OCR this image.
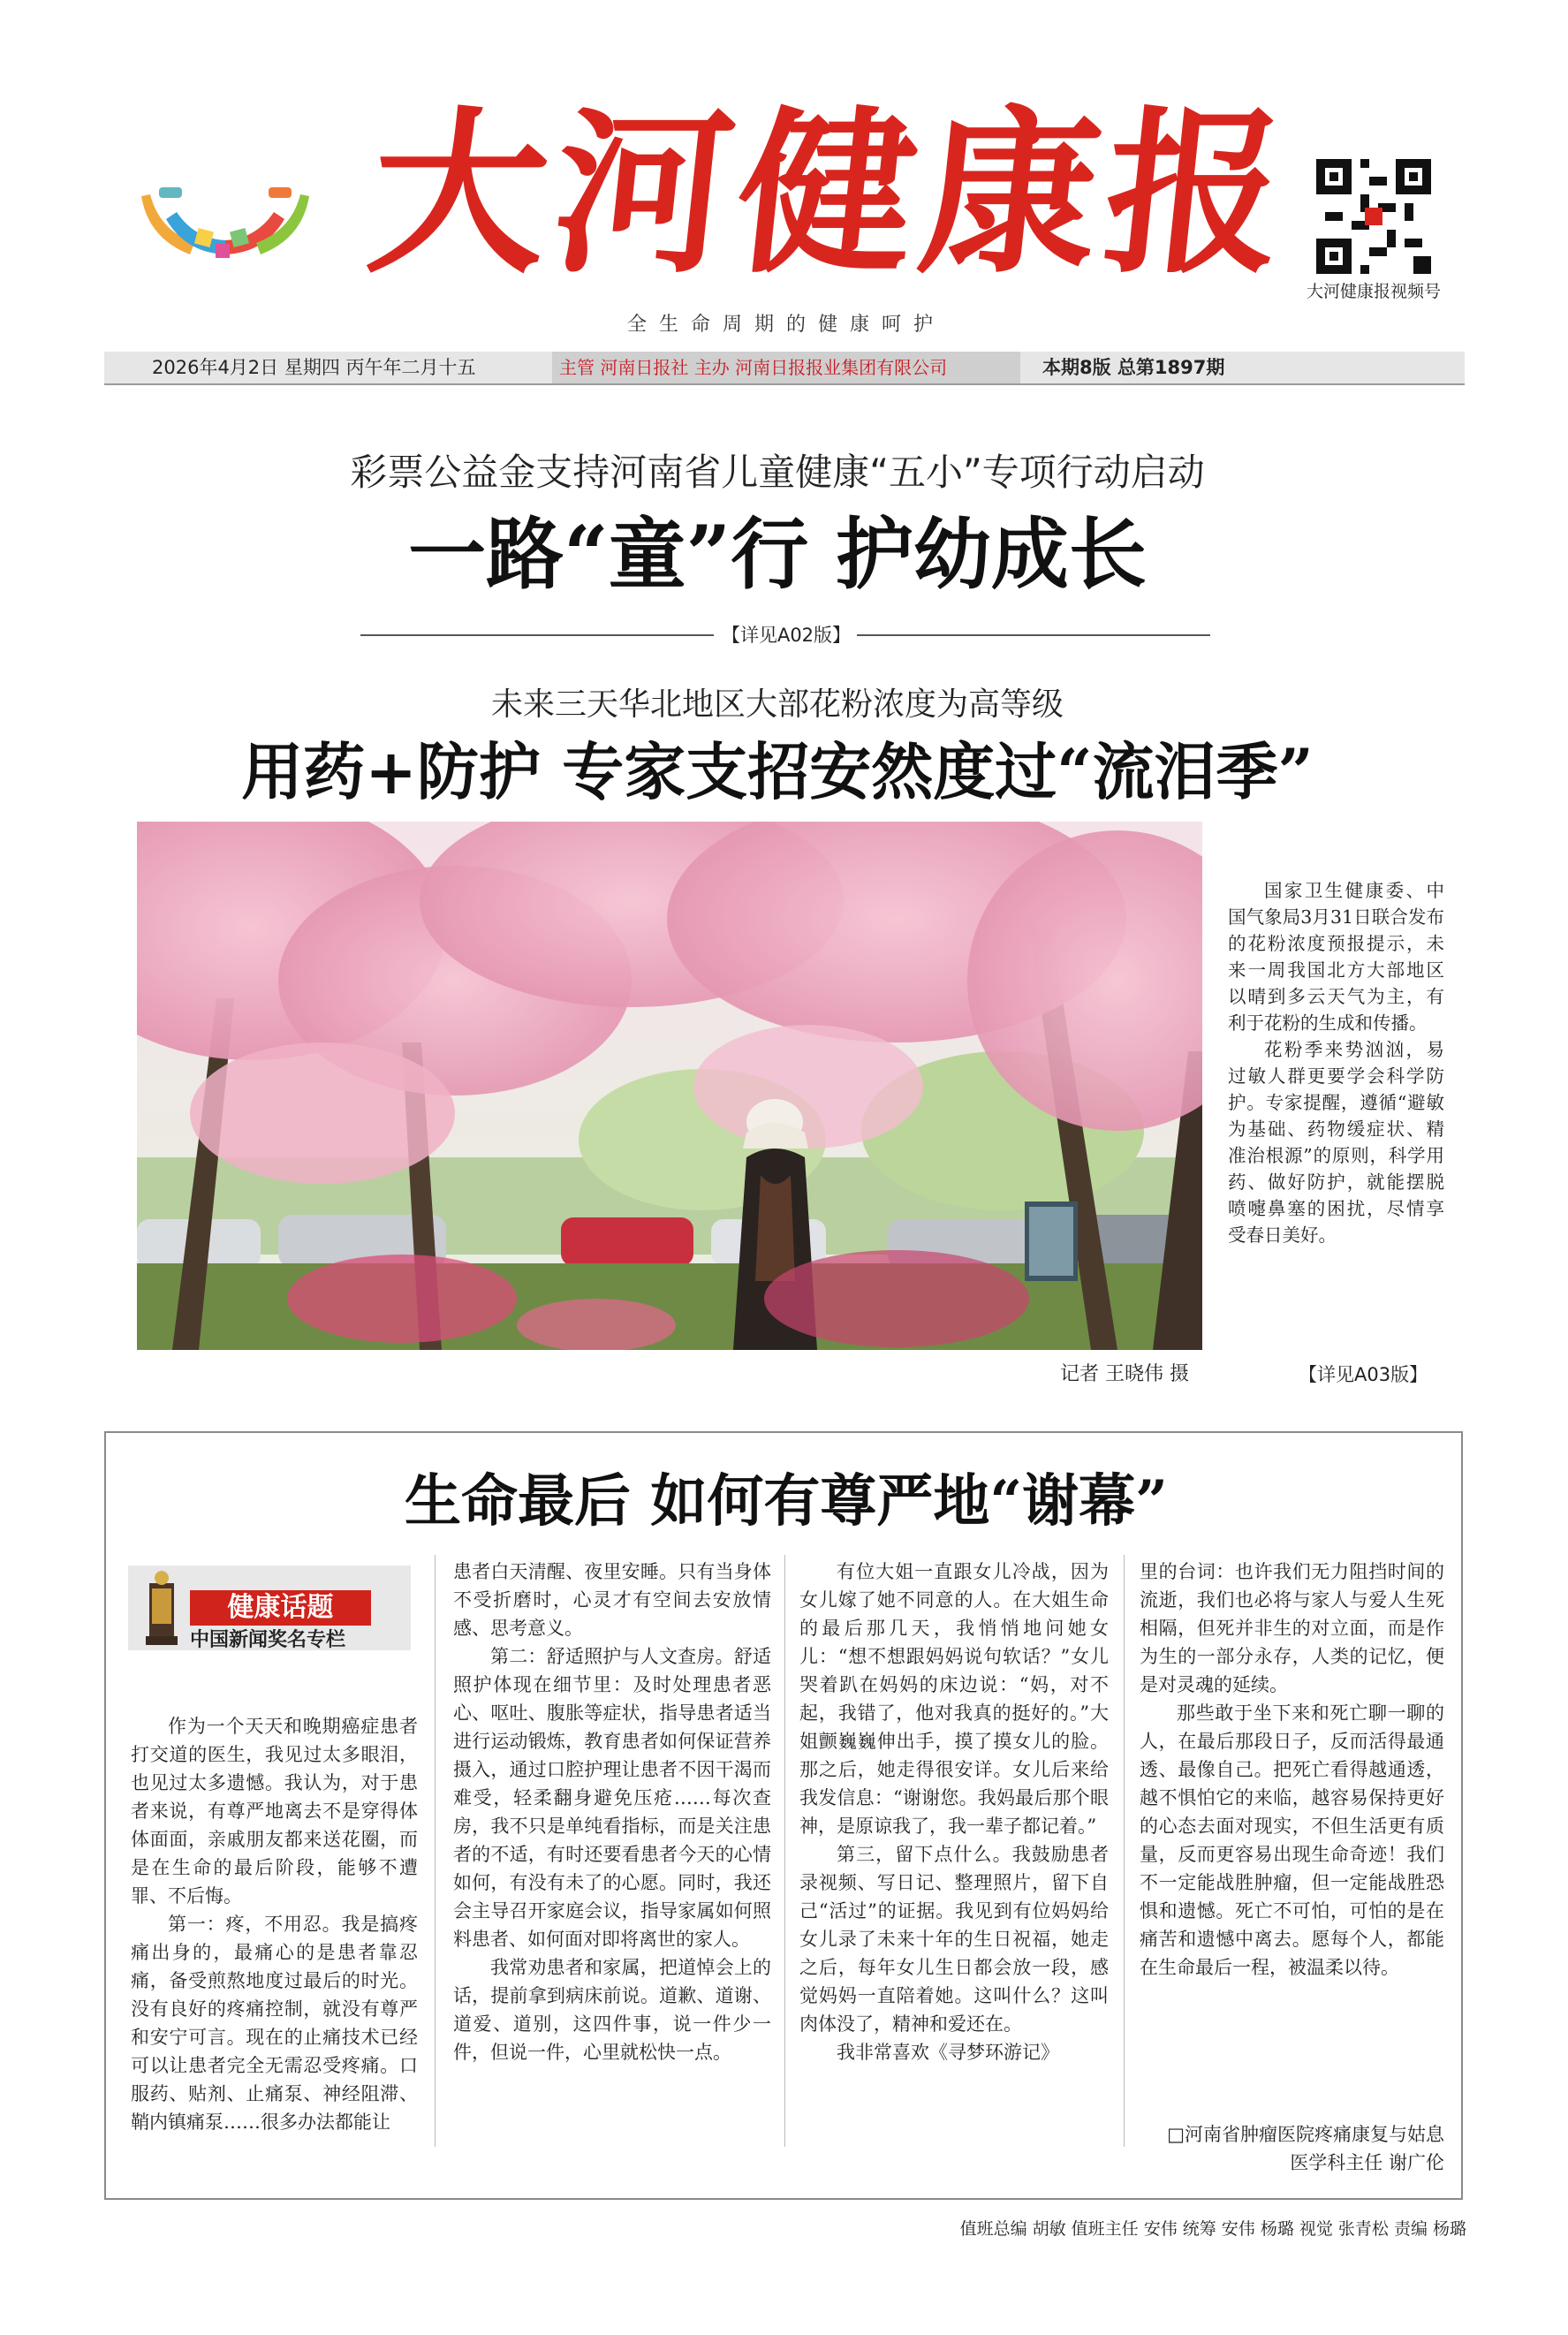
大河健康报
全生命周期的健康呵护
大河健康报视频号
2026年4月2日 星期四 丙午年二月十五	主管 河南日报社 主办 河南日报报业集团有限公司	本期8版 总第1897期
彩票公益金支持河南省儿童健康“五小”专项行动启动
一路“童”行 护幼成长
【详见A02版】
未来三天华北地区大部花粉浓度为高等级
用药+防护 专家支招安然度过“流泪季”
记者 王晓伟 摄

国家卫生健康委、中国气象局3月31日联合发布的花粉浓度预报提示，未来一周我国北方大部地区以晴到多云天气为主，有利于花粉的生成和传播。

花粉季来势汹汹，易过敏人群更要学会科学防护。专家提醒，遵循“避敏为基础、药物缓症状、精准治根源”的原则，科学用药、做好防护，就能摆脱喷嚏鼻塞的困扰，尽情享受春日美好。

【详见A03版】
生命最后 如何有尊严地“谢幕”
健康话题
中国新闻奖名专栏

作为一个天天和晚期癌症患者打交道的医生，我见过太多眼泪，也见过太多遗憾。我认为，对于患者来说，有尊严地离去不是穿得体体面面，亲戚朋友都来送花圈，而是在生命的最后阶段，能够不遭罪、不后悔。

第一：疼，不用忍。我是搞疼痛出身的，最痛心的是患者靠忍痛，备受煎熬地度过最后的时光。没有良好的疼痛控制，就没有尊严和安宁可言。现在的止痛技术已经可以让患者完全无需忍受疼痛。口服药、贴剂、止痛泵、神经阻滞、鞘内镇痛泵……很多办法都能让

患者白天清醒、夜里安睡。只有当身体不受折磨时，心灵才有空间去安放情感、思考意义。

第二：舒适照护与人文查房。舒适照护体现在细节里：及时处理患者恶心、呕吐、腹胀等症状，指导患者适当进行运动锻炼，教育患者如何保证营养摄入，通过口腔护理让患者不因干渴而难受，轻柔翻身避免压疮……每次查房，我不只是单纯看指标，而是关注患者的不适，有时还要看患者今天的心情如何，有没有未了的心愿。同时，我还会主导召开家庭会议，指导家属如何照料患者、如何面对即将离世的家人。

我常劝患者和家属，把道悼会上的话，提前拿到病床前说。道歉、道谢、道爱、道别，这四件事，说一件少一件，但说一件，心里就松快一点。

有位大姐一直跟女儿冷战，因为女儿嫁了她不同意的人。在大姐生命的最后那几天，我悄悄地问她女儿：“想不想跟妈妈说句软话？”女儿哭着趴在妈妈的床边说：“妈，对不起，我错了，他对我真的挺好的。”大姐颤巍巍伸出手，摸了摸女儿的脸。那之后，她走得很安详。女儿后来给我发信息：“谢谢您。我妈最后那个眼神，是原谅我了，我一辈子都记着。”

第三，留下点什么。我鼓励患者录视频、写日记、整理照片，留下自己“活过”的证据。我见到有位妈妈给女儿录了未来十年的生日祝福，她走之后，每年女儿生日都会放一段，感觉妈妈一直陪着她。这叫什么？这叫肉体没了，精神和爱还在。

我非常喜欢《寻梦环游记》

里的台词：也许我们无力阻挡时间的流逝，我们也必将与家人与爱人生死相隔，但死并非生的对立面，而是作为生的一部分永存，人类的记忆，便是对灵魂的延续。

那些敢于坐下来和死亡聊一聊的人，在最后那段日子，反而活得最通透、最像自己。把死亡看得越通透，越不惧怕它的来临，越容易保持更好的心态去面对现实，不但生活更有质量，反而更容易出现生命奇迹！我们不一定能战胜肿瘤，但一定能战胜恐惧和遗憾。死亡不可怕，可怕的是在痛苦和遗憾中离去。愿每个人，都能在生命最后一程，被温柔以待。

□河南省肿瘤医院疼痛康复与姑息
医学科主任 谢广伦
值班总编 胡敏 值班主任 安伟 统筹 安伟 杨璐 视觉 张青松 责编 杨璐
